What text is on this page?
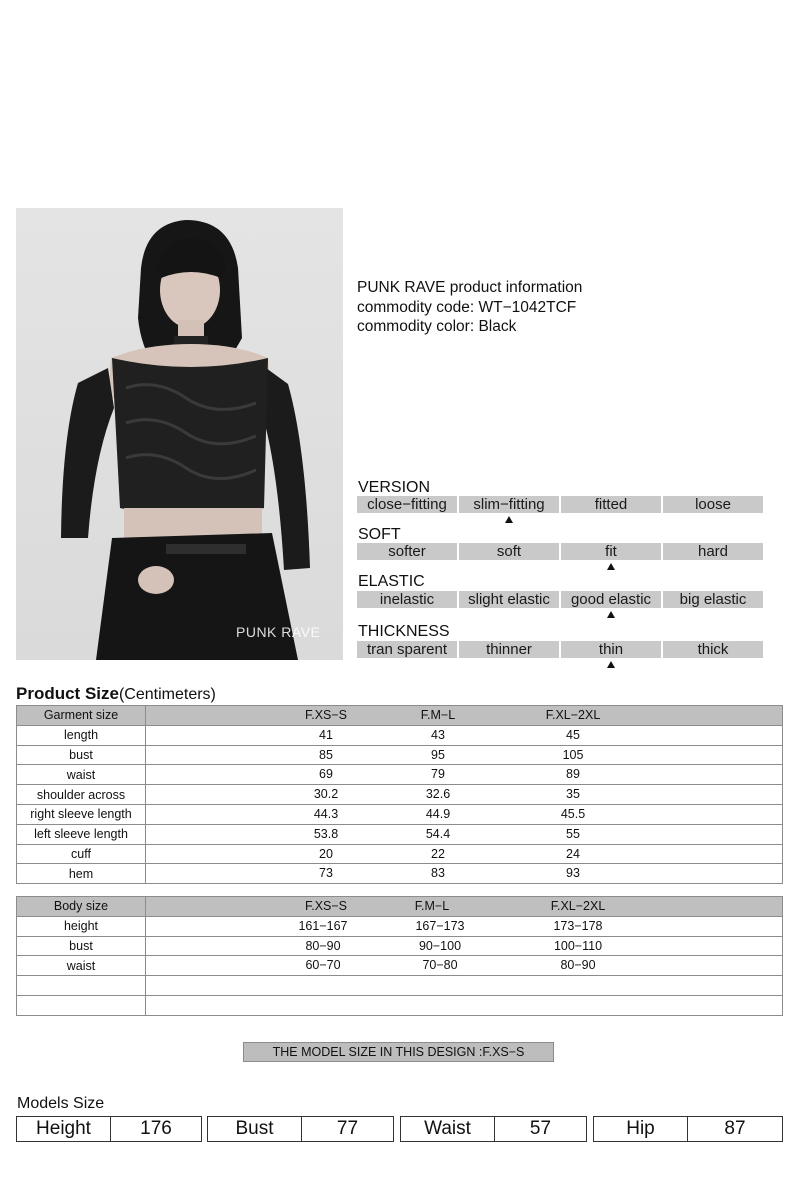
PUNK RAVE
PUNK RAVE product information
commodity code: WT−1042TCF
commodity color: Black
VERSION
close−fitting	slim−fitting	fitted	loose
SOFT
softer	soft	fit	hard
ELASTIC
inelastic	slight elastic	good elastic	big elastic
THICKNESS
tran sparent	thinner	thin	thick
Product Size(Centimeters)
Garment size	F.XS−S F.M−L F.XL−2XL

length	41 43 45

bust	85 95 105

waist	69 79 89

shoulder across	30.2 32.6 35

right sleeve length	44.3 44.9 45.5

left sleeve length	53.8 54.4 55

cuff	20 22 24

hem	73 83 93
Body size	F.XS−S F.M−L F.XL−2XL

height	161−167 167−173 173−178

bust	80−90 90−100 100−110

waist	60−70 70−80 80−90

THE MODEL SIZE IN THIS DESIGN :F.XS−S
Models Size
Height	176	Bust	77	Waist	57	Hip	87
